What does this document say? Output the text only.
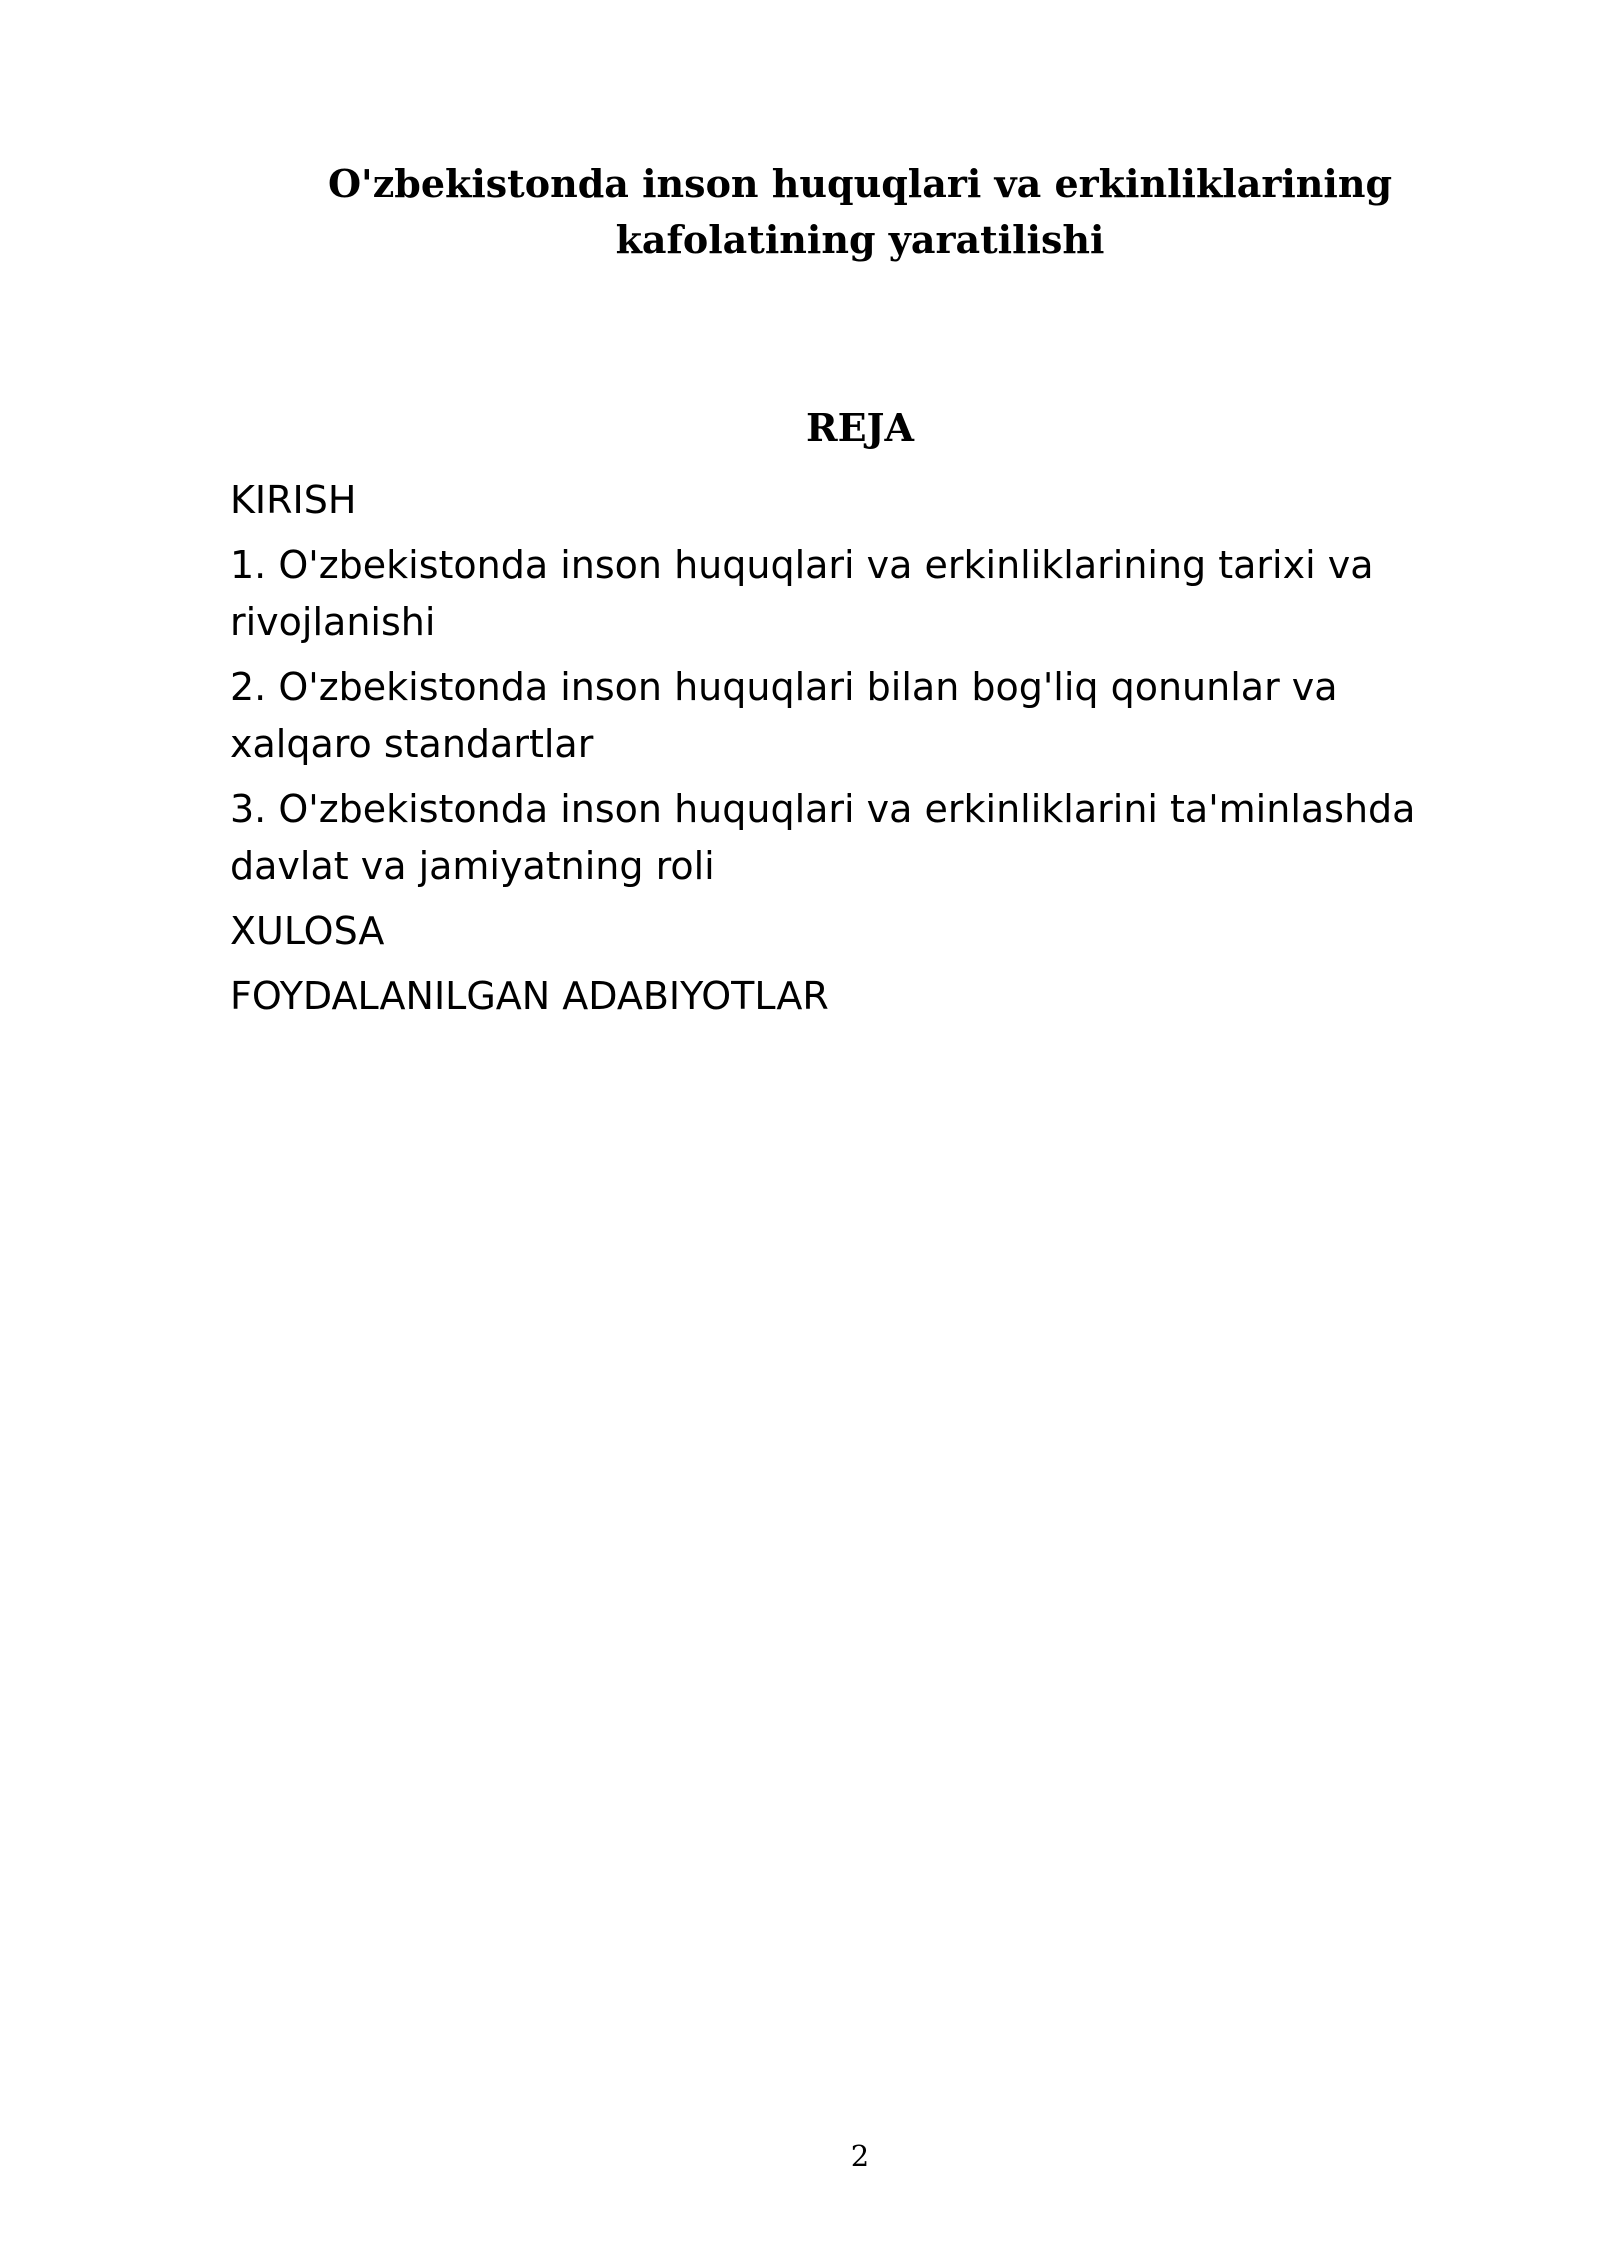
O'zbekistonda inson huquqlari va erkinliklarining
kafolatining yaratilishi
REJA
KIRISH
1. O'zbekistonda inson huquqlari va erkinliklarining tarixi va rivojlanishi
2. O'zbekistonda inson huquqlari bilan bog'liq qonunlar va xalqaro standartlar
3. O'zbekistonda inson huquqlari va erkinliklarini ta'minlashda davlat va jamiyatning roli
XULOSA
FOYDALANILGAN ADABIYOTLAR
2
